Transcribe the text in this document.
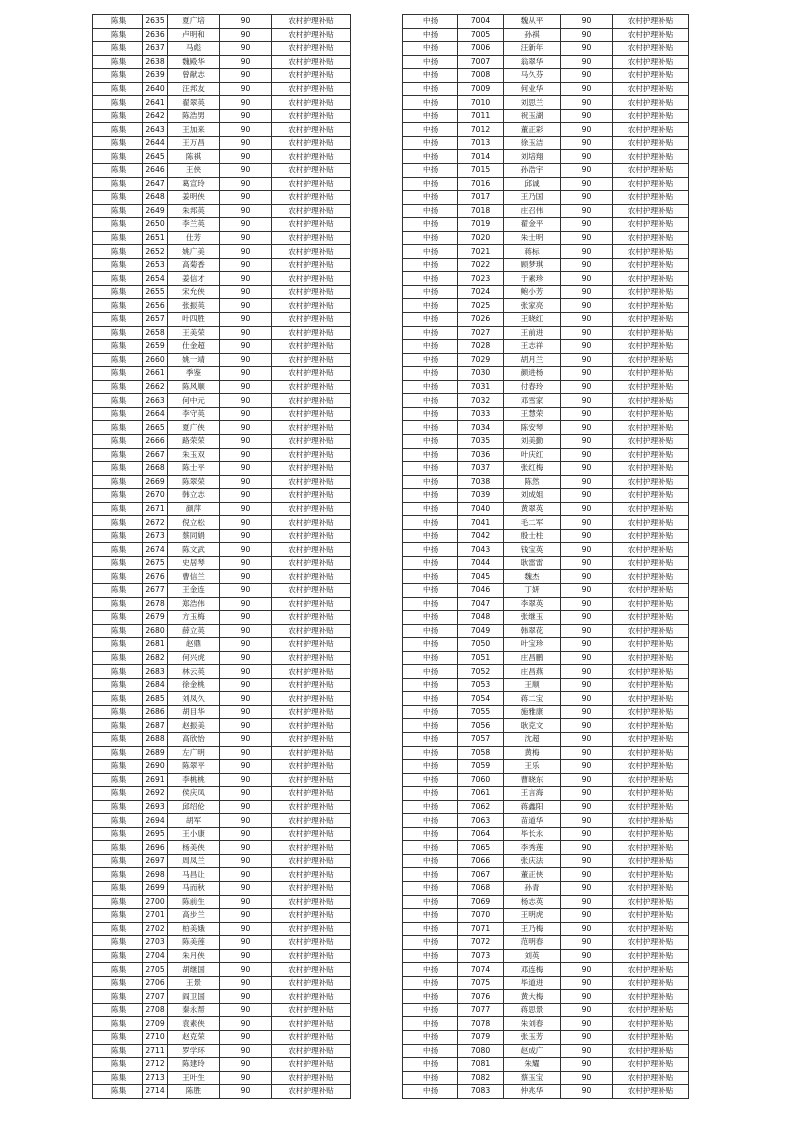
陈集	2635	夏广培	90	农村护理补贴
陈集	2636	卢明和	90	农村护理补贴
陈集	2637	马彪	90	农村护理补贴
陈集	2638	魏殿华	90	农村护理补贴
陈集	2639	曾献志	90	农村护理补贴
陈集	2640	汪邦友	90	农村护理补贴
陈集	2641	翟翠英	90	农村护理补贴
陈集	2642	陈浩男	90	农村护理补贴
陈集	2643	王加来	90	农村护理补贴
陈集	2644	王万昌	90	农村护理补贴
陈集	2645	陈祺	90	农村护理补贴
陈集	2646	王侠	90	农村护理补贴
陈集	2647	葛宣玲	90	农村护理补贴
陈集	2648	姜明侠	90	农村护理补贴
陈集	2649	朱邦英	90	农村护理补贴
陈集	2650	李兰英	90	农村护理补贴
陈集	2651	仕芳	90	农村护理补贴
陈集	2652	姚广美	90	农村护理补贴
陈集	2653	高菊香	90	农村护理补贴
陈集	2654	姜信才	90	农村护理补贴
陈集	2655	宋允侠	90	农村护理补贴
陈集	2656	张振英	90	农村护理补贴
陈集	2657	叶四胜	90	农村护理补贴
陈集	2658	王美荣	90	农村护理补贴
陈集	2659	仕金超	90	农村护理补贴
陈集	2660	姚一靖	90	农村护理补贴
陈集	2661	季鉴	90	农村护理补贴
陈集	2662	陈风顺	90	农村护理补贴
陈集	2663	何中元	90	农村护理补贴
陈集	2664	李守英	90	农村护理补贴
陈集	2665	夏广侠	90	农村护理补贴
陈集	2666	路荣荣	90	农村护理补贴
陈集	2667	朱玉双	90	农村护理补贴
陈集	2668	陈士平	90	农村护理补贴
陈集	2669	陈翠荣	90	农村护理补贴
陈集	2670	韩立志	90	农村护理补贴
陈集	2671	颜萍	90	农村护理补贴
陈集	2672	倪立松	90	农村护理补贴
陈集	2673	蔡同娟	90	农村护理补贴
陈集	2674	陈文武	90	农村护理补贴
陈集	2675	史居琴	90	农村护理补贴
陈集	2676	曹信兰	90	农村护理补贴
陈集	2677	王金连	90	农村护理补贴
陈集	2678	郑浩伟	90	农村护理补贴
陈集	2679	方玉梅	90	农村护理补贴
陈集	2680	薛立英	90	农村护理补贴
陈集	2681	赵鼎	90	农村护理补贴
陈集	2682	何兴虎	90	农村护理补贴
陈集	2683	林云英	90	农村护理补贴
陈集	2684	徐金桃	90	农村护理补贴
陈集	2685	刘凤久	90	农村护理补贴
陈集	2686	胡目华	90	农村护理补贴
陈集	2687	赵振美	90	农村护理补贴
陈集	2688	高欣怡	90	农村护理补贴
陈集	2689	左广明	90	农村护理补贴
陈集	2690	陈翠平	90	农村护理补贴
陈集	2691	李桃桃	90	农村护理补贴
陈集	2692	侯庆凤	90	农村护理补贴
陈集	2693	邱绍伦	90	农村护理补贴
陈集	2694	胡军	90	农村护理补贴
陈集	2695	王小康	90	农村护理补贴
陈集	2696	杨美侠	90	农村护理补贴
陈集	2697	周凤兰	90	农村护理补贴
陈集	2698	马昌让	90	农村护理补贴
陈集	2699	马而秋	90	农村护理补贴
陈集	2700	陈前生	90	农村护理补贴
陈集	2701	高步兰	90	农村护理补贴
陈集	2702	柏美娥	90	农村护理补贴
陈集	2703	陈美莲	90	农村护理补贴
陈集	2704	朱月侠	90	农村护理补贴
陈集	2705	胡继国	90	农村护理补贴
陈集	2706	王景	90	农村护理补贴
陈集	2707	阎卫国	90	农村护理补贴
陈集	2708	秦永帮	90	农村护理补贴
陈集	2709	袁素侠	90	农村护理补贴
陈集	2710	赵克荣	90	农村护理补贴
陈集	2711	罗学环	90	农村护理补贴
陈集	2712	陈建玲	90	农村护理补贴
陈集	2713	王叶生	90	农村护理补贴
陈集	2714	陈胜	90	农村护理补贴
中扬	7004	魏从平	90	农村护理补贴
中扬	7005	孙祺	90	农村护理补贴
中扬	7006	汪新年	90	农村护理补贴
中扬	7007	翁翠华	90	农村护理补贴
中扬	7008	马久芬	90	农村护理补贴
中扬	7009	何业华	90	农村护理补贴
中扬	7010	刘思兰	90	农村护理补贴
中扬	7011	祝玉湖	90	农村护理补贴
中扬	7012	董正彩	90	农村护理补贴
中扬	7013	徐玉洁	90	农村护理补贴
中扬	7014	刘培翔	90	农村护理补贴
中扬	7015	孙浩宇	90	农村护理补贴
中扬	7016	邱诚	90	农村护理补贴
中扬	7017	王乃国	90	农村护理补贴
中扬	7018	庄召伟	90	农村护理补贴
中扬	7019	翟金平	90	农村护理补贴
中扬	7020	朱士明	90	农村护理补贴
中扬	7021	蒋标	90	农村护理补贴
中扬	7022	顾梦琪	90	农村护理补贴
中扬	7023	于素珍	90	农村护理补贴
中扬	7024	鲍小芳	90	农村护理补贴
中扬	7025	张家亮	90	农村护理补贴
中扬	7026	王晓红	90	农村护理补贴
中扬	7027	王前进	90	农村护理补贴
中扬	7028	王志祥	90	农村护理补贴
中扬	7029	胡月兰	90	农村护理补贴
中扬	7030	颜进杨	90	农村护理补贴
中扬	7031	付春玲	90	农村护理补贴
中扬	7032	邓雪家	90	农村护理补贴
中扬	7033	王慧荣	90	农村护理补贴
中扬	7034	陈安琴	90	农村护理补贴
中扬	7035	刘美勤	90	农村护理补贴
中扬	7036	叶庆红	90	农村护理补贴
中扬	7037	张红梅	90	农村护理补贴
中扬	7038	陈然	90	农村护理补贴
中扬	7039	刘成姐	90	农村护理补贴
中扬	7040	黄翠英	90	农村护理补贴
中扬	7041	毛二军	90	农村护理补贴
中扬	7042	殷士柱	90	农村护理补贴
中扬	7043	钱宝英	90	农村护理补贴
中扬	7044	耿雷雷	90	农村护理补贴
中扬	7045	魏杰	90	农村护理补贴
中扬	7046	丁妍	90	农村护理补贴
中扬	7047	李翠英	90	农村护理补贴
中扬	7048	张继玉	90	农村护理补贴
中扬	7049	韩翠花	90	农村护理补贴
中扬	7050	叶宝珍	90	农村护理补贴
中扬	7051	庄昌鹏	90	农村护理补贴
中扬	7052	庄昌燕	90	农村护理补贴
中扬	7053	王顺	90	农村护理补贴
中扬	7054	蒋二宝	90	农村护理补贴
中扬	7055	施雅康	90	农村护理补贴
中扬	7056	耿克文	90	农村护理补贴
中扬	7057	沈超	90	农村护理补贴
中扬	7058	黄梅	90	农村护理补贴
中扬	7059	王乐	90	农村护理补贴
中扬	7060	曹晓东	90	农村护理补贴
中扬	7061	王言海	90	农村护理补贴
中扬	7062	蒋鑫阳	90	农村护理补贴
中扬	7063	苗道华	90	农村护理补贴
中扬	7064	毕长永	90	农村护理补贴
中扬	7065	李秀莲	90	农村护理补贴
中扬	7066	张庆法	90	农村护理补贴
中扬	7067	董正侠	90	农村护理补贴
中扬	7068	孙青	90	农村护理补贴
中扬	7069	杨志英	90	农村护理补贴
中扬	7070	王明虎	90	农村护理补贴
中扬	7071	王乃梅	90	农村护理补贴
中扬	7072	范明春	90	农村护理补贴
中扬	7073	刘英	90	农村护理补贴
中扬	7074	邓连梅	90	农村护理补贴
中扬	7075	毕道进	90	农村护理补贴
中扬	7076	黄大梅	90	农村护理补贴
中扬	7077	蒋思景	90	农村护理补贴
中扬	7078	朱刘春	90	农村护理补贴
中扬	7079	张玉芳	90	农村护理补贴
中扬	7080	赵成广	90	农村护理补贴
中扬	7081	朱耀	90	农村护理补贴
中扬	7082	蔡玉宝	90	农村护理补贴
中扬	7083	仲兆华	90	农村护理补贴
